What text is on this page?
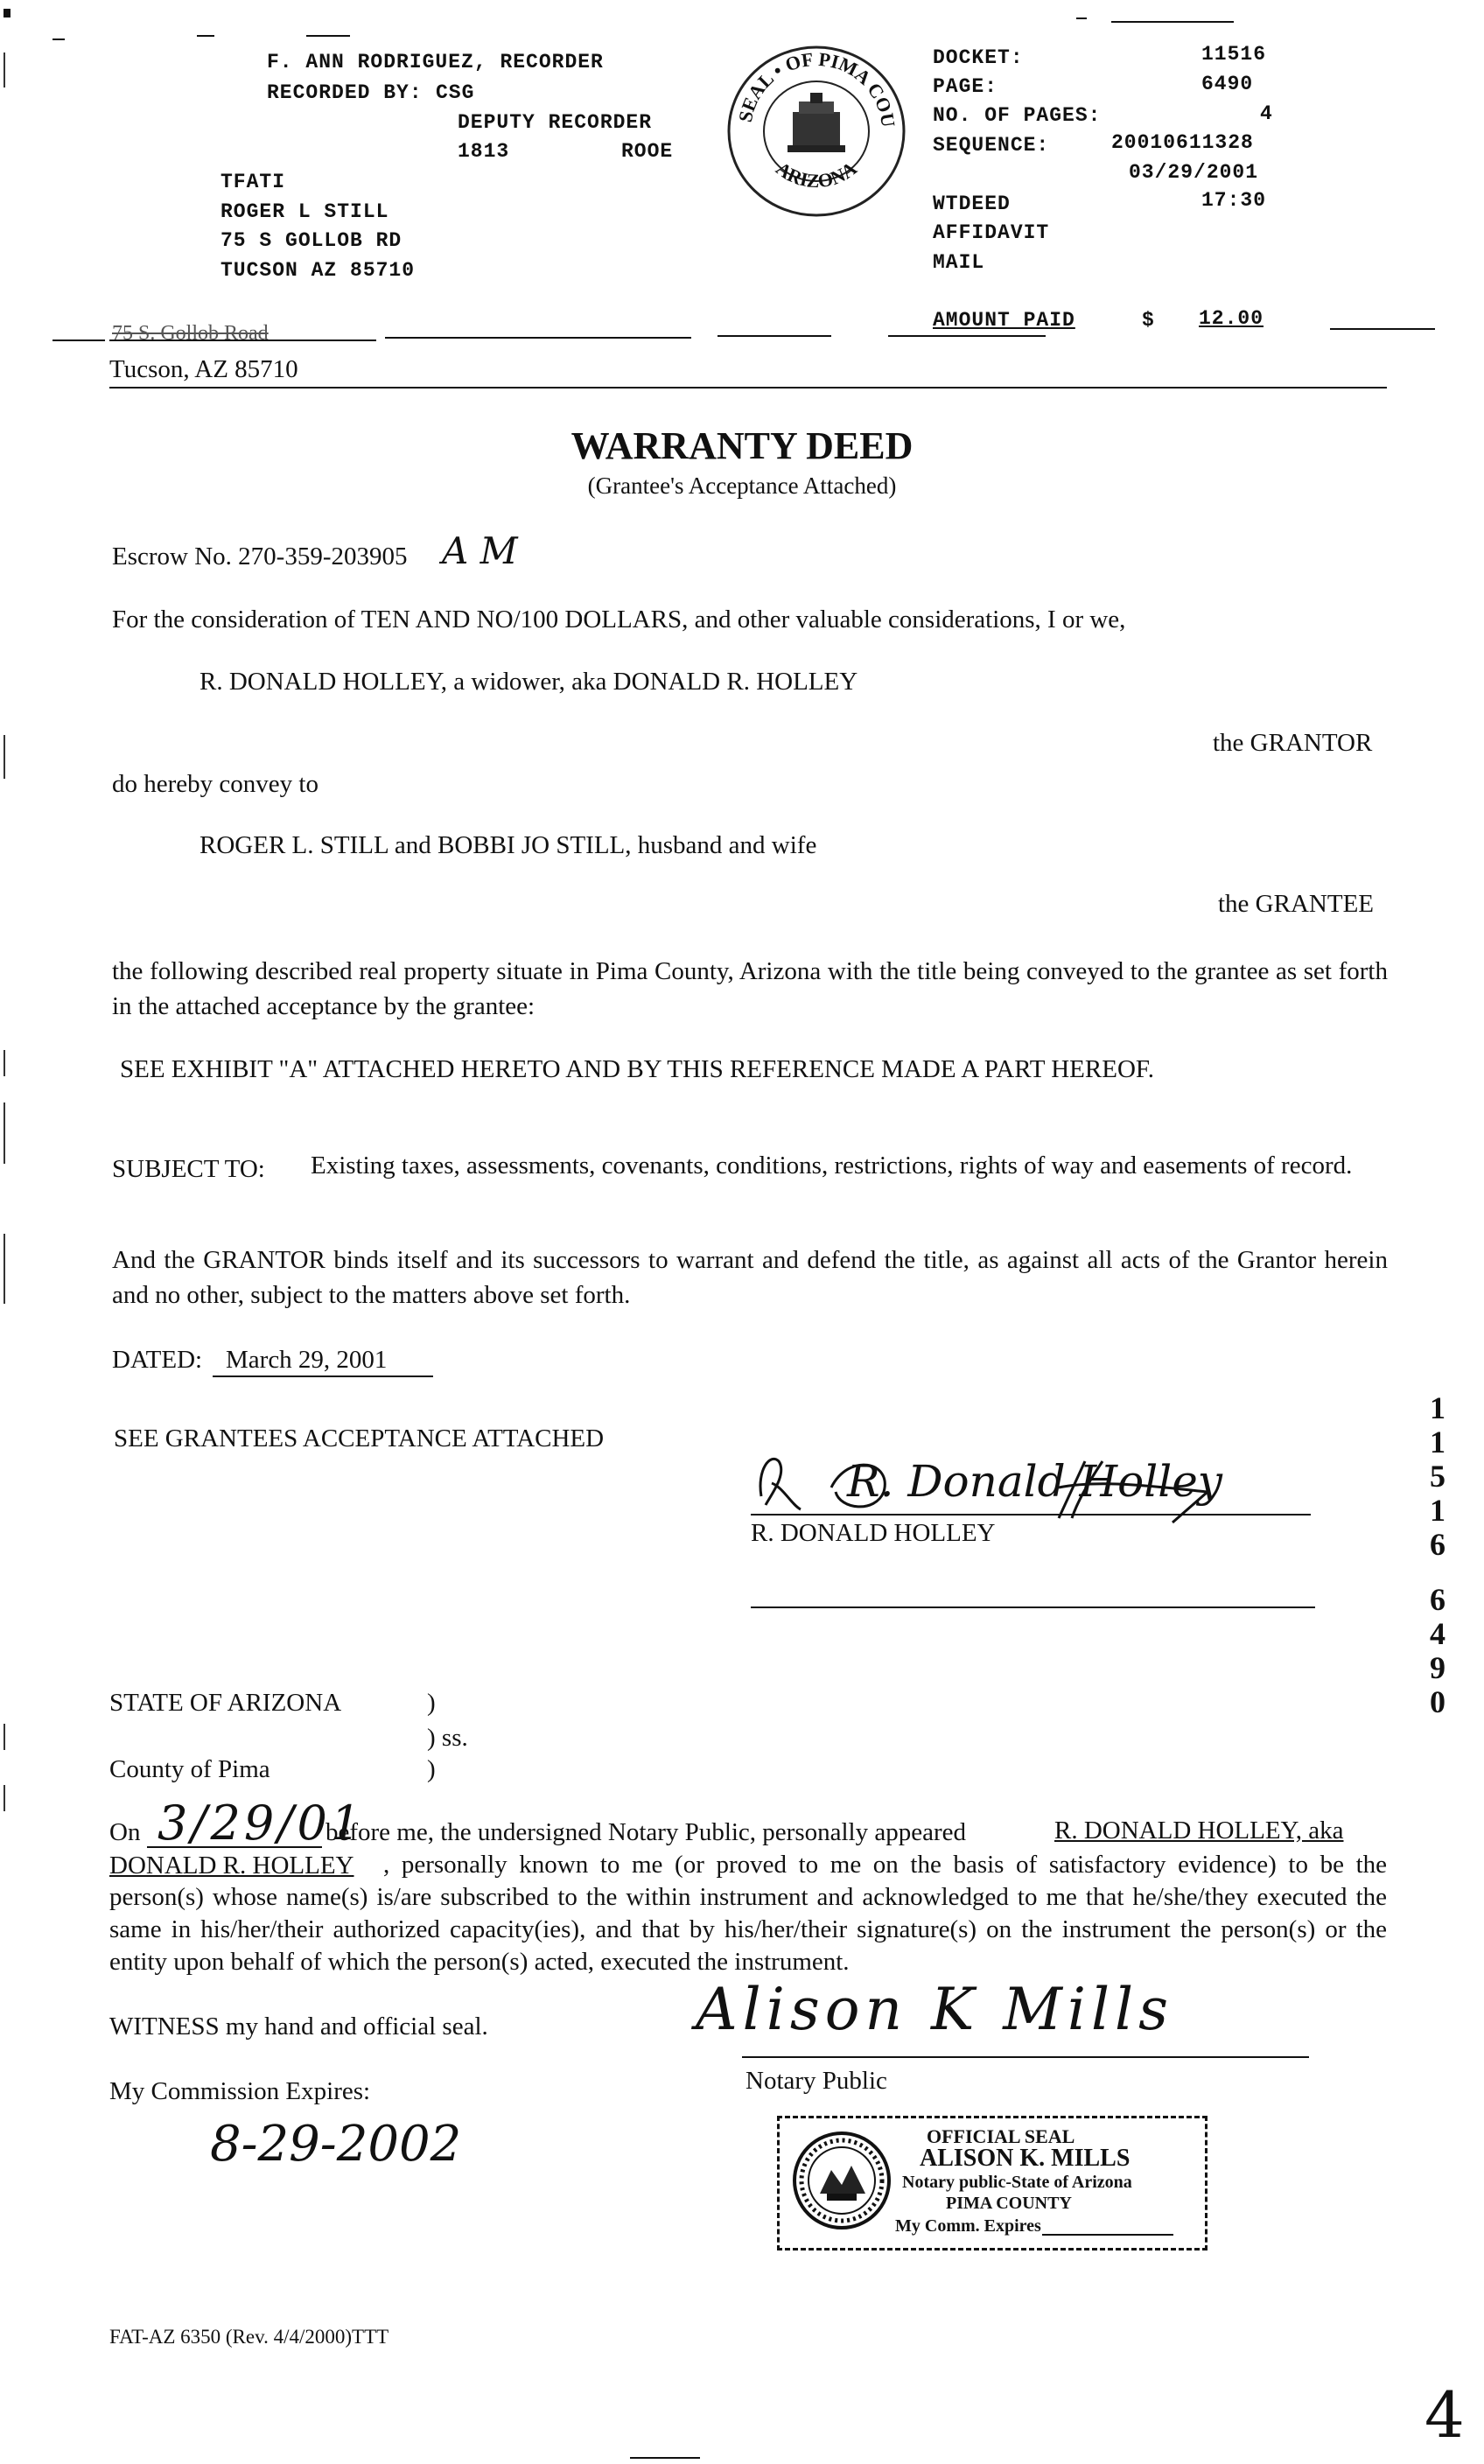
F. ANN RODRIGUEZ, RECORDER
RECORDED BY: CSG
DEPUTY RECORDER
1813	ROOE
TFATI
ROGER L STILL
75 S GOLLOB RD
TUCSON AZ 85710
THE SEAL • OF PIMA COUNTY
ARIZONA
DOCKET:	11516
PAGE:	6490
NO. OF PAGES:	4
SEQUENCE:	20010611328
03/29/2001
WTDEED	17:30
AFFIDAVIT
MAIL
AMOUNT PAID	$ 12.00
75 S. Gollob Road
Tucson, AZ 85710
WARRANTY DEED
(Grantee's Acceptance Attached)
Escrow No. 270-359-203905 A M
For the consideration of TEN AND NO/100 DOLLARS, and other valuable considerations, I or we,
R. DONALD HOLLEY, a widower, aka DONALD R. HOLLEY
the GRANTOR
do hereby convey to
ROGER L. STILL and BOBBI JO STILL, husband and wife
the GRANTEE
the following described real property situate in Pima County, Arizona with the title being conveyed to the grantee as set forth in the attached acceptance by the grantee:
SEE EXHIBIT "A" ATTACHED HERETO AND BY THIS REFERENCE MADE A PART HEREOF.
SUBJECT TO: Existing taxes, assessments, covenants, conditions, restrictions, rights of way and easements of record.
And the GRANTOR binds itself and its successors to warrant and defend the title, as against all acts of the Grantor herein and no other, subject to the matters above set forth.
DATED: March 29, 2001
SEE GRANTEES ACCEPTANCE ATTACHED
R. Donald Holley
R. DONALD HOLLEY
1
1
5
1
6
6
4
9
0
STATE OF ARIZONA	)
) ss.
County of Pima	)
On 3/29/01
before me, the undersigned Notary Public, personally appeared	R. DONALD HOLLEY, aka
DONALD R. HOLLEY	, personally known to me (or proved to me on the basis of satisfactory evidence) to be the person(s) whose name(s) is/are subscribed to the within instrument and acknowledged to me that he/she/they executed the same in his/her/their authorized capacity(ies), and that by his/her/their signature(s) on the instrument the person(s) or the entity upon behalf of which the person(s) acted, executed the instrument.
WITNESS my hand and official seal.
My Commission Expires:
8-29-2002
Alison K Mills
Notary Public
OFFICIAL SEAL
ALISON K. MILLS
Notary public-State of Arizona
PIMA COUNTY
My Comm. Expires
FAT-AZ 6350 (Rev. 4/4/2000)TTT
4
